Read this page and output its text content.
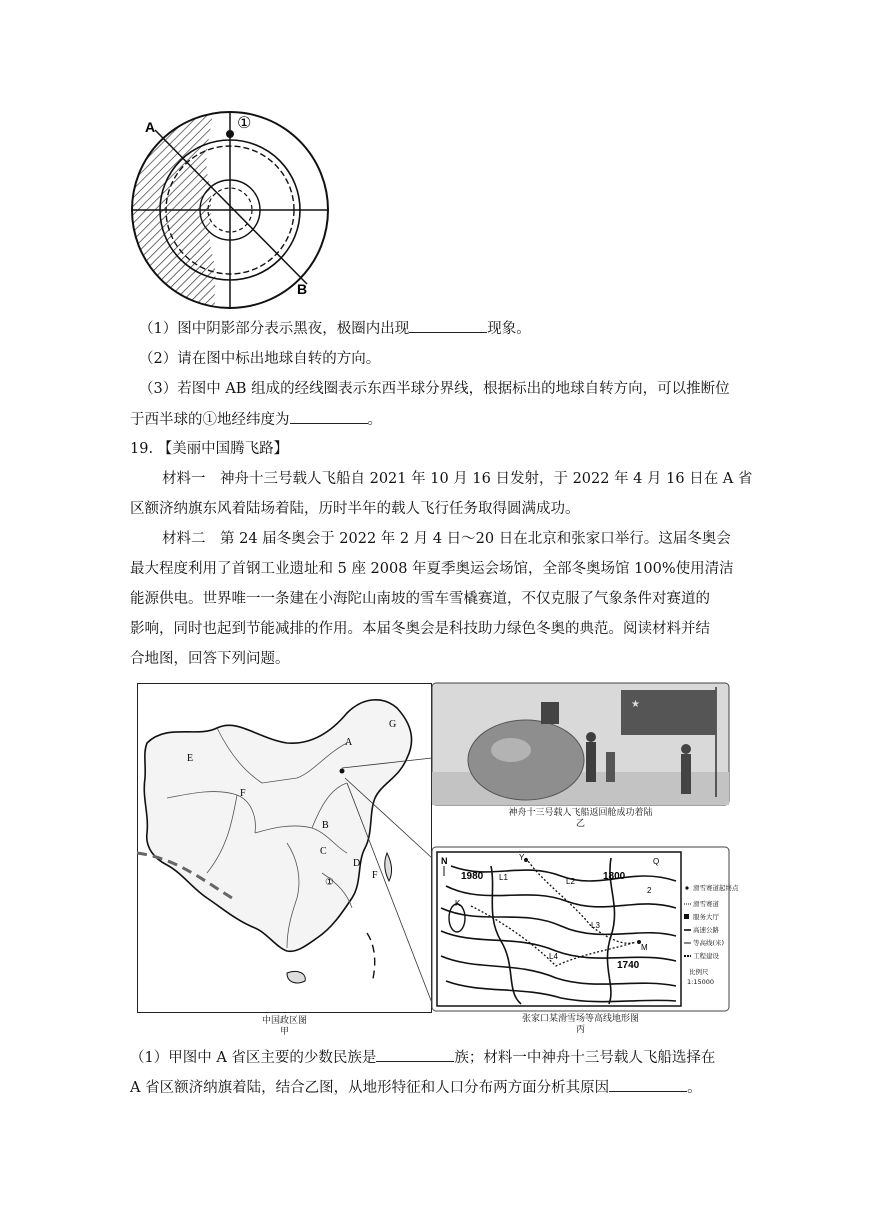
A
B
①
（1）图中阴影部分表示黑夜，极圈内出现	现象。
（2）请在图中标出地球自转的方向。
（3）若图中 AB 组成的经线圈表示东西半球分界线，根据标出的地球自转方向，可以推断位
于西半球的①地经纬度为	。
19. 【美丽中国腾飞路】
材料一　神舟十三号载人飞船自 2021 年 10 月 16 日发射，于 2022 年 4 月 16 日在 A 省
区额济纳旗东风着陆场着陆，历时半年的载人飞行任务取得圆满成功。
材料二　第 24 届冬奥会于 2022 年 2 月 4 日～20 日在北京和张家口举行。这届冬奥会
最大程度利用了首钢工业遗址和 5 座 2008 年夏季奥运会场馆，全部冬奥场馆 100%使用清洁
能源供电。世界唯一一条建在小海陀山南坡的雪车雪橇赛道，不仅克服了气象条件对赛道的
影响，同时也起到节能减排的作用。本届冬奥会是科技助力绿色冬奥的典范。阅读材料并结
合地图，回答下列问题。
A
G
E
F
B
C
D
①
F
中国政区图
甲
★
神舟十三号载人飞船返回舱成功着陆
乙
N
1980	1800
1740
Y
L1	L2
L3
L4
K
M
Q
2	滑雪赛道起终点
滑雪赛道
服务大厅
高速公路
等高线(米)
工程建设
比例尺
1:15000
张家口某滑雪场等高线地形图
丙
（1）甲图中 A 省区主要的少数民族是	族；材料一中神舟十三号载人飞船选择在
A 省区额济纳旗着陆，结合乙图，从地形特征和人口分布两方面分析其原因	。
